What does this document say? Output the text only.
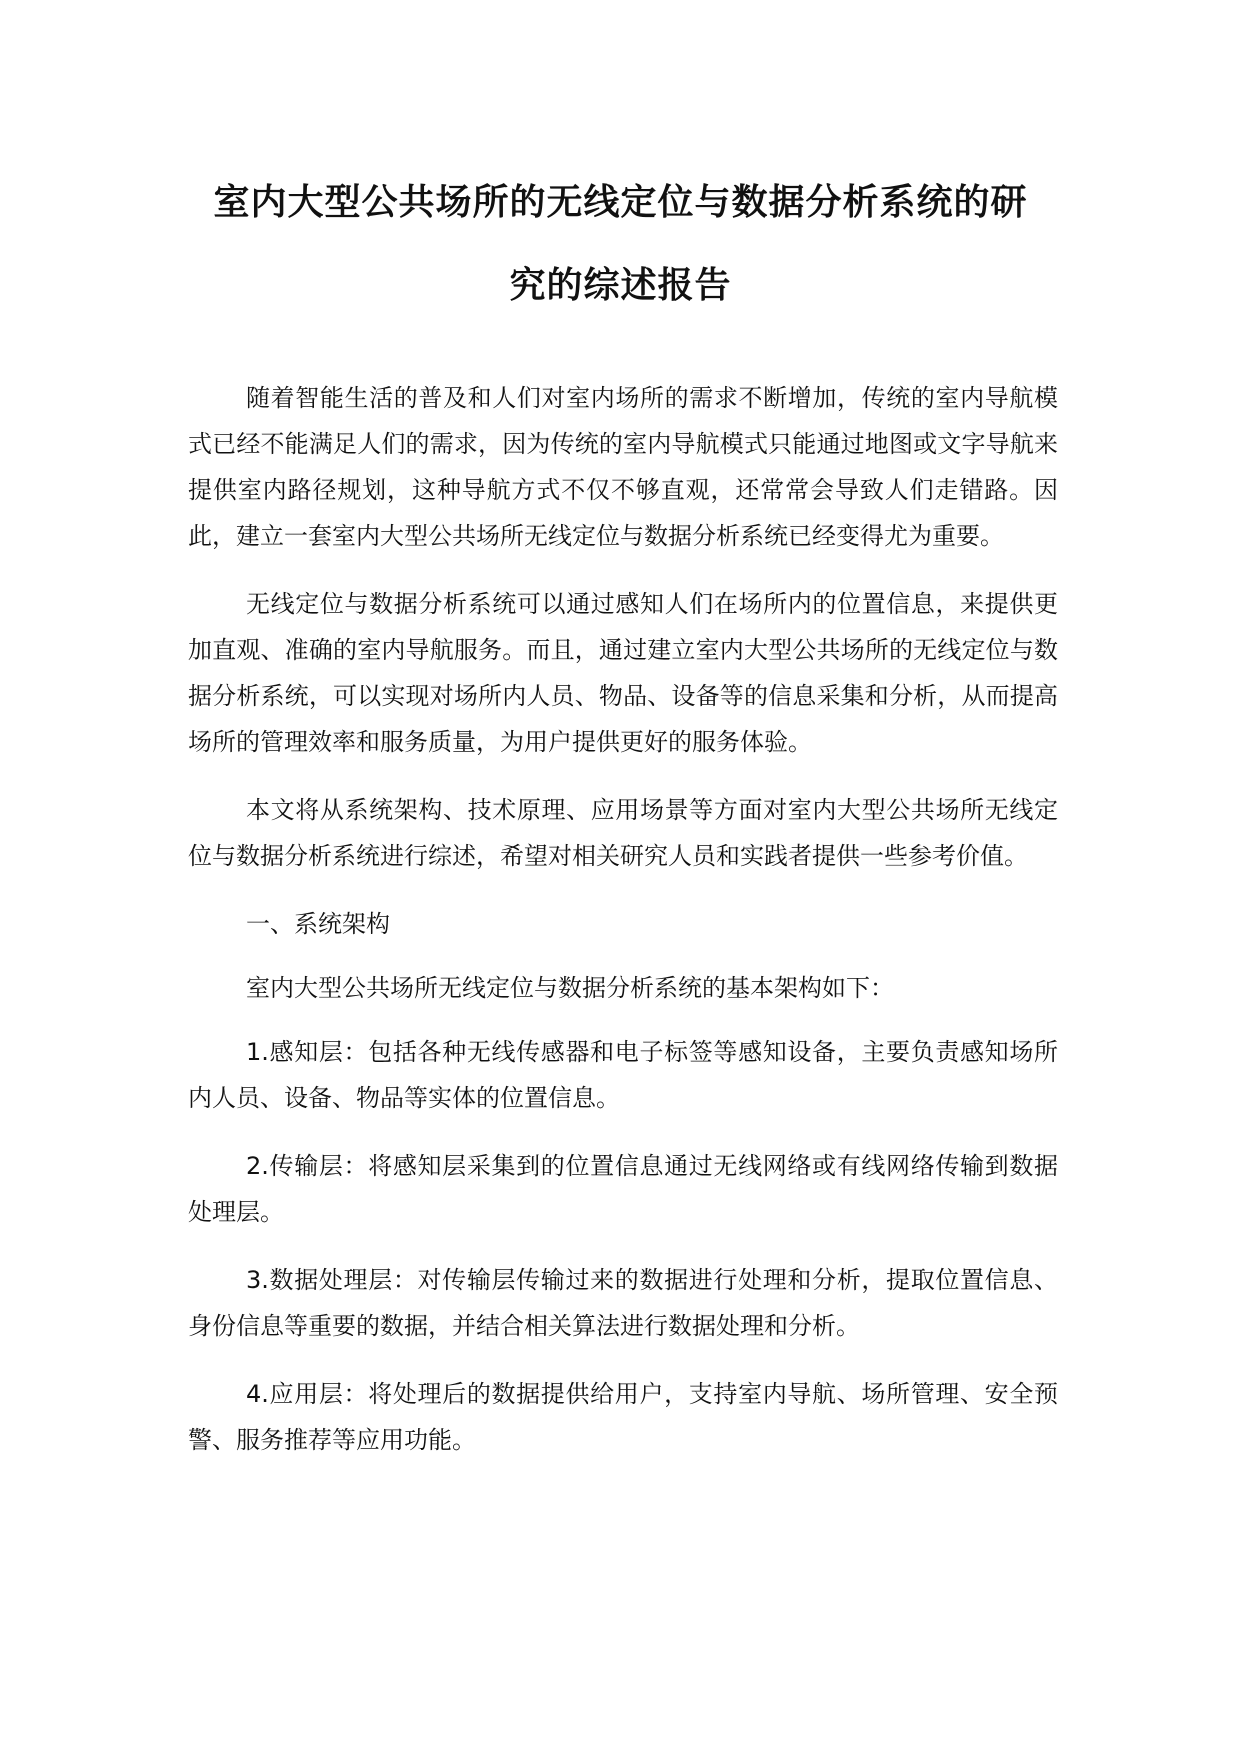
室内大型公共场所的无线定位与数据分析系统的研
究的综述报告

随着智能生活的普及和人们对室内场所的需求不断增加，传统的室内导航模式已经不能满足人们的需求，因为传统的室内导航模式只能通过地图或文字导航来提供室内路径规划，这种导航方式不仅不够直观，还常常会导致人们走错路。因此，建立一套室内大型公共场所无线定位与数据分析系统已经变得尤为重要。

无线定位与数据分析系统可以通过感知人们在场所内的位置信息，来提供更加直观、准确的室内导航服务。而且，通过建立室内大型公共场所的无线定位与数据分析系统，可以实现对场所内人员、物品、设备等的信息采集和分析，从而提高场所的管理效率和服务质量，为用户提供更好的服务体验。

本文将从系统架构、技术原理、应用场景等方面对室内大型公共场所无线定位与数据分析系统进行综述，希望对相关研究人员和实践者提供一些参考价值。

一、系统架构

室内大型公共场所无线定位与数据分析系统的基本架构如下：

1.感知层：包括各种无线传感器和电子标签等感知设备，主要负责感知场所内人员、设备、物品等实体的位置信息。

2.传输层：将感知层采集到的位置信息通过无线网络或有线网络传输到数据处理层。

3.数据处理层：对传输层传输过来的数据进行处理和分析，提取位置信息、身份信息等重要的数据，并结合相关算法进行数据处理和分析。

4.应用层：将处理后的数据提供给用户，支持室内导航、场所管理、安全预警、服务推荐等应用功能。
